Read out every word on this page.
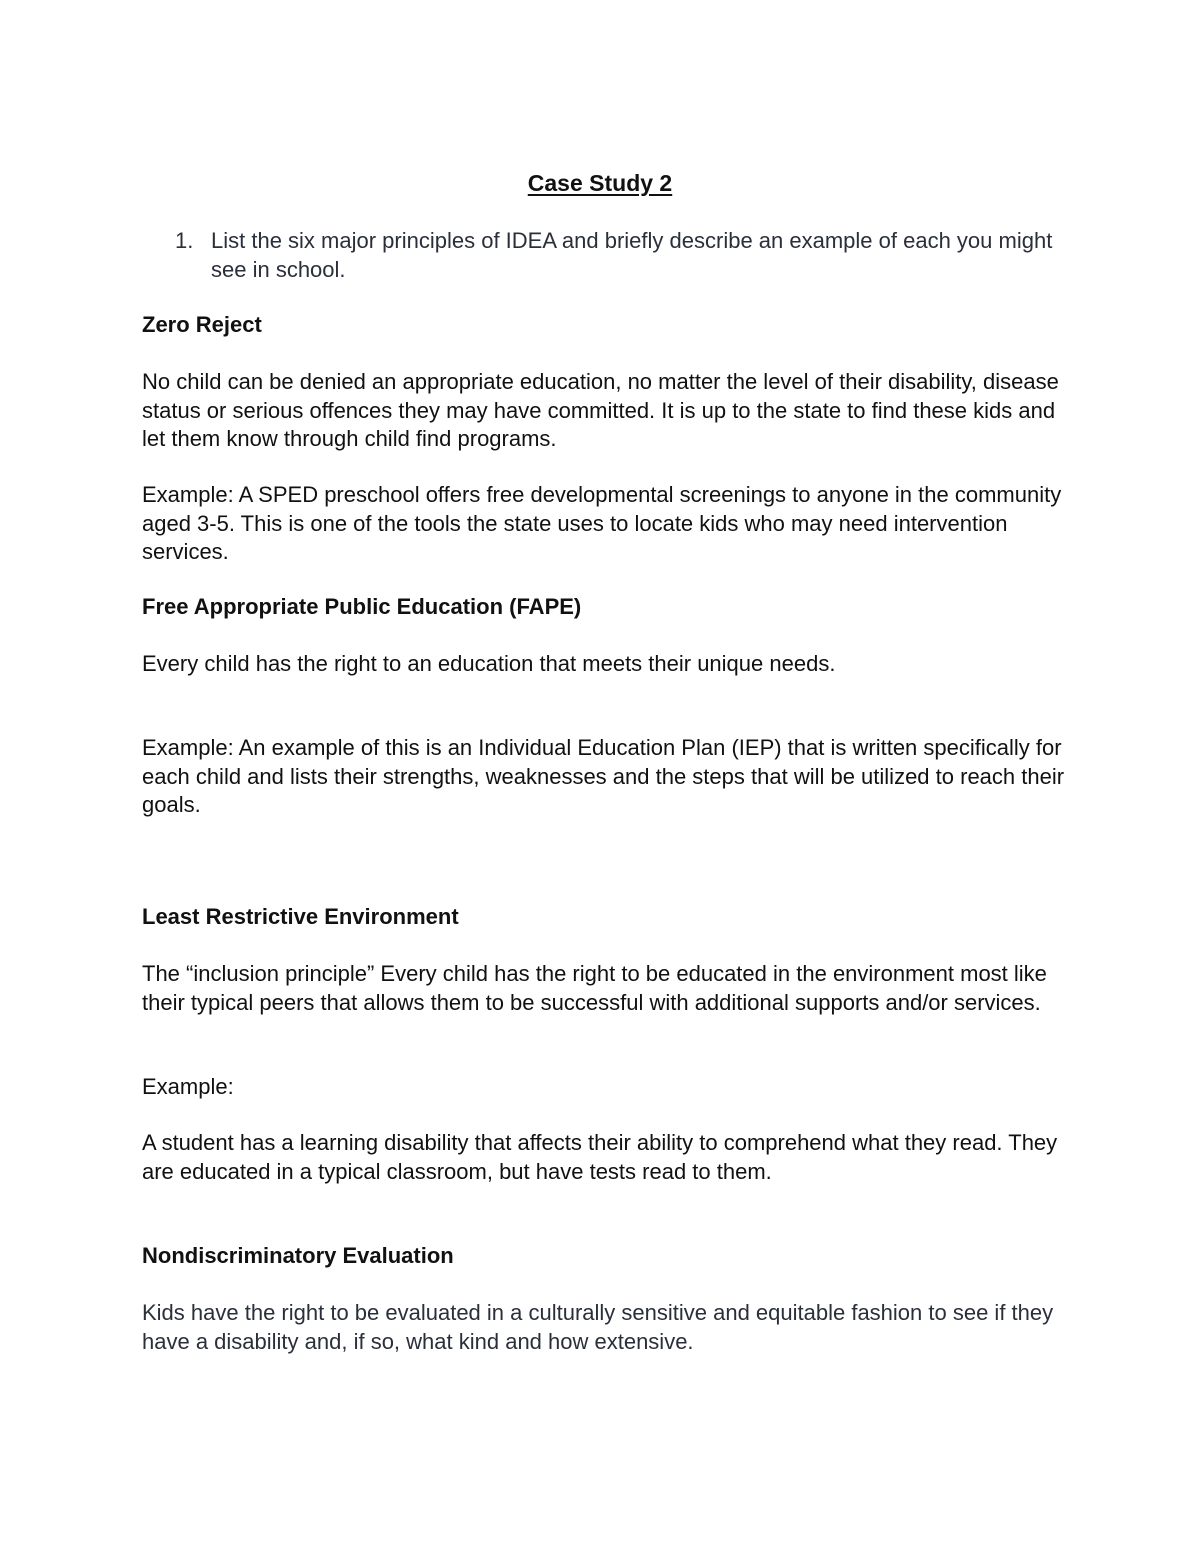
Case Study 2
1. List the six major principles of IDEA and briefly describe an example of each you might see in school.
Zero Reject

No child can be denied an appropriate education, no matter the level of their disability, disease status or serious offences they may have committed. It is up to the state to find these kids and let them know through child find programs.

Example: A SPED preschool offers free developmental screenings to anyone in the community aged 3-5. This is one of the tools the state uses to locate kids who may need intervention services.

Free Appropriate Public Education (FAPE)

Every child has the right to an education that meets their unique needs.

Example: An example of this is an Individual Education Plan (IEP) that is written specifically for each child and lists their strengths, weaknesses and the steps that will be utilized to reach their goals.

Least Restrictive Environment

The “inclusion principle” Every child has the right to be educated in the environment most like their typical peers that allows them to be successful with additional supports and/or services.

Example:

A student has a learning disability that affects their ability to comprehend what they read. They are educated in a typical classroom, but have tests read to them.

Nondiscriminatory Evaluation

Kids have the right to be evaluated in a culturally sensitive and equitable fashion to see if they have a disability and, if so, what kind and how extensive.
